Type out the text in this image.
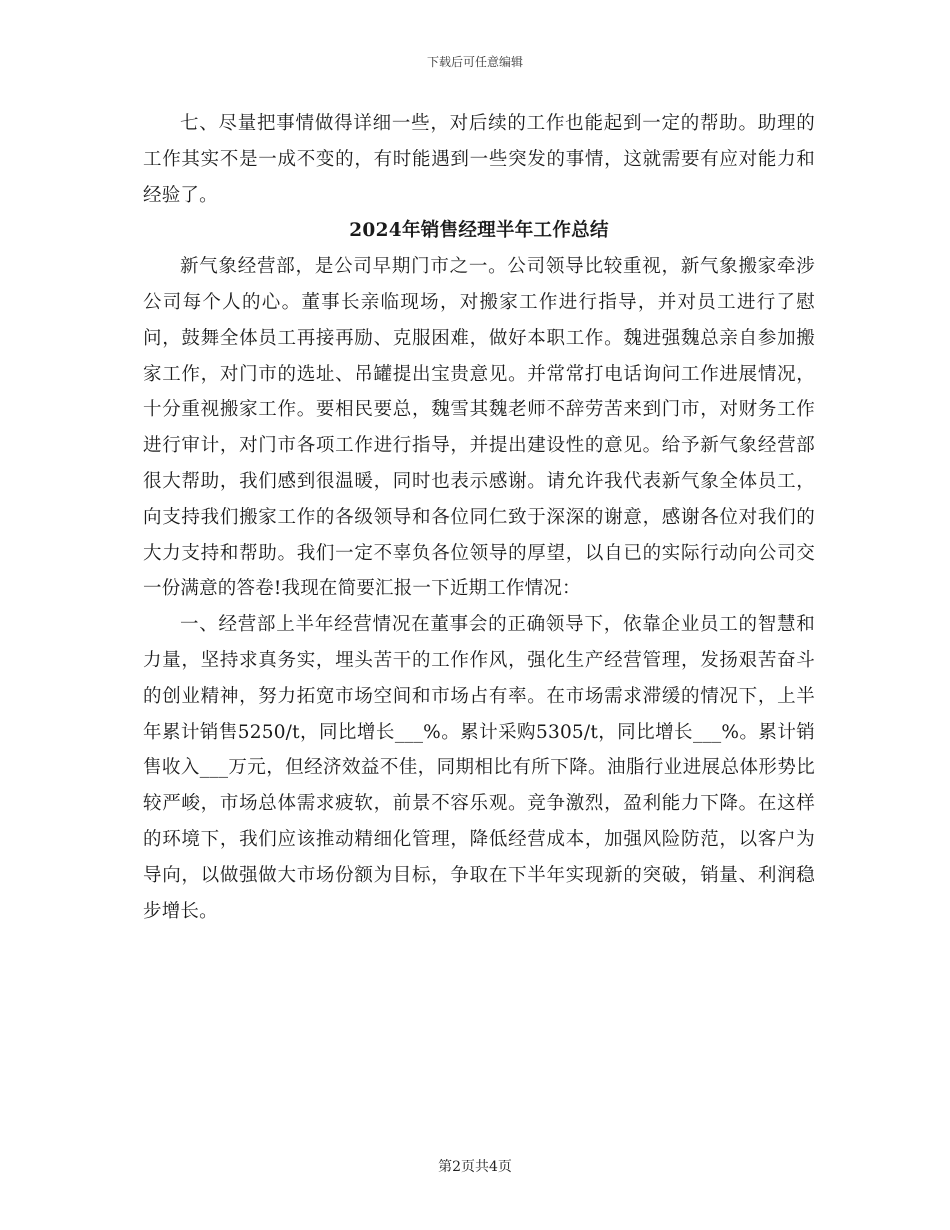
下载后可任意编辑

七、尽量把事情做得详细一些，对后续的工作也能起到一定的帮助。助理的工作其实不是一成不变的，有时能遇到一些突发的事情，这就需要有应对能力和经验了。

2024年销售经理半年工作总结

新气象经营部，是公司早期门市之一。公司领导比较重视，新气象搬家牵涉公司每个人的心。董事长亲临现场，对搬家工作进行指导，并对员工进行了慰问，鼓舞全体员工再接再励、克服困难，做好本职工作。魏进强魏总亲自参加搬家工作，对门市的选址、吊罐提出宝贵意见。并常常打电话询问工作进展情况，十分重视搬家工作。要相民要总，魏雪其魏老师不辞劳苦来到门市，对财务工作进行审计，对门市各项工作进行指导，并提出建设性的意见。给予新气象经营部很大帮助，我们感到很温暖，同时也表示感谢。请允许我代表新气象全体员工，向支持我们搬家工作的各级领导和各位同仁致于深深的谢意，感谢各位对我们的大力支持和帮助。我们一定不辜负各位领导的厚望，以自已的实际行动向公司交一份满意的答卷!我现在简要汇报一下近期工作情况：

一、经营部上半年经营情况在董事会的正确领导下，依靠企业员工的智慧和力量，坚持求真务实，埋头苦干的工作作风，强化生产经营管理，发扬艰苦奋斗的创业精神，努力拓宽市场空间和市场占有率。在市场需求滞缓的情况下，上半年累计销售5250/t，同比增长___%。累计采购5305/t，同比增长___%。累计销售收入___万元，但经济效益不佳，同期相比有所下降。油脂行业进展总体形势比较严峻，市场总体需求疲软，前景不容乐观。竞争激烈，盈利能力下降。在这样的环境下，我们应该推动精细化管理，降低经营成本，加强风险防范，以客户为导向，以做强做大市场份额为目标，争取在下半年实现新的突破，销量、利润稳步增长。

第2页共4页
